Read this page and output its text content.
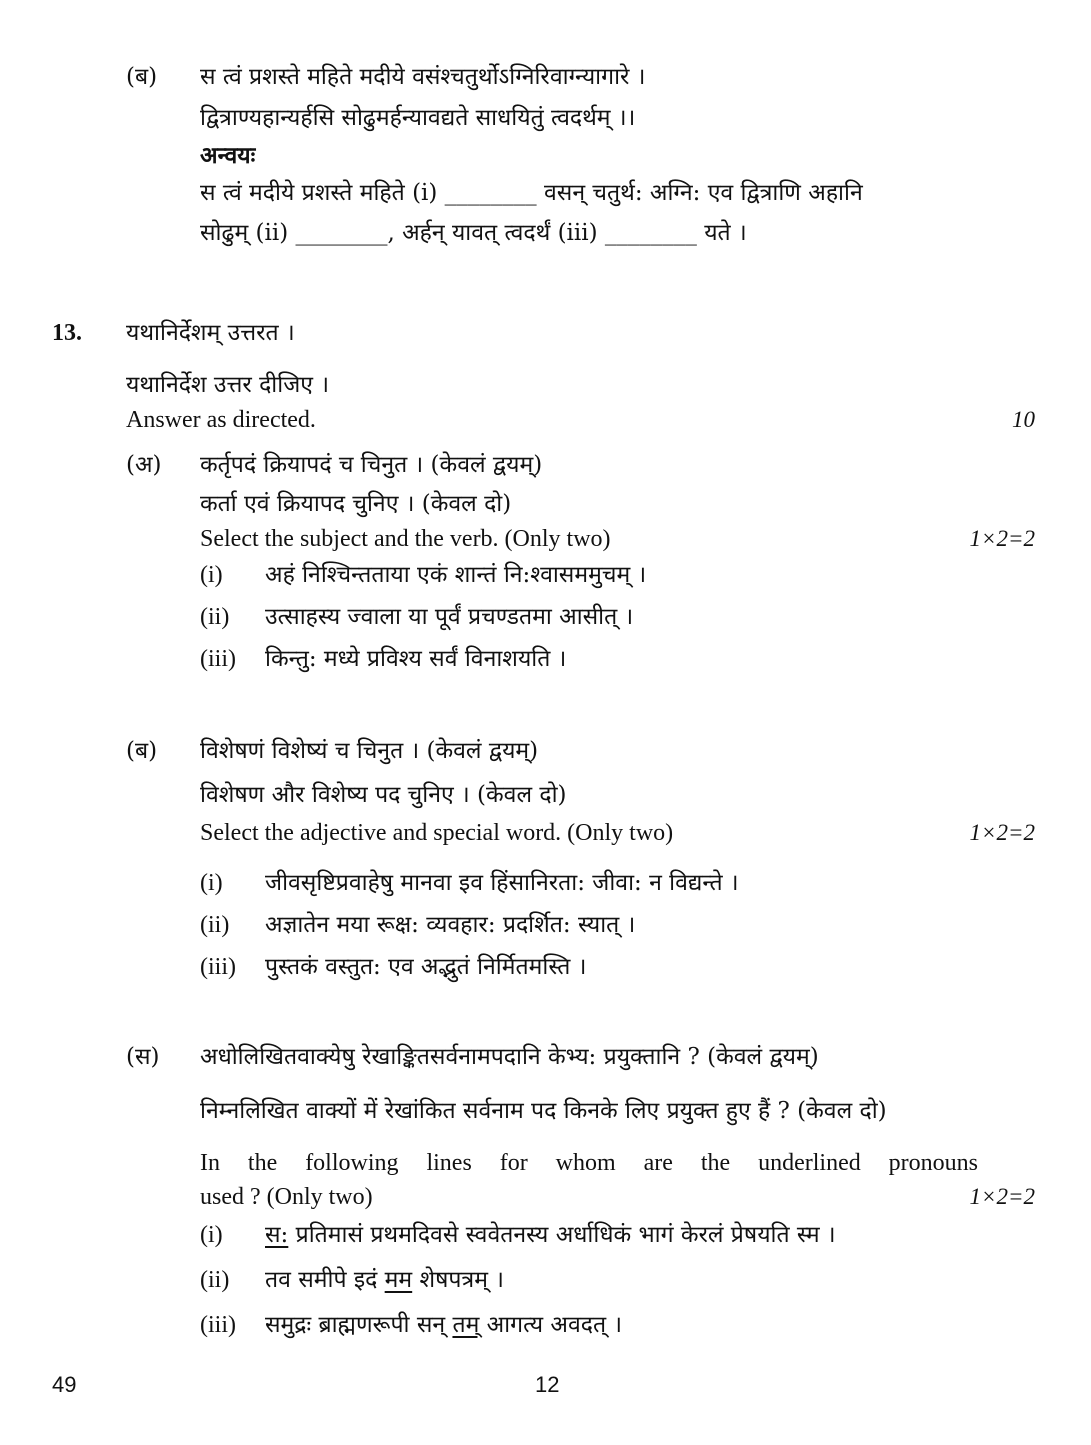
(ब) स त्वं प्रशस्ते महिते मदीये वसंश्चतुर्थोऽग्निरिवाग्न्यागारे ।
द्वित्राण्यहान्यर्हसि सोढुमर्हन्यावद्यते साधयितुं त्वदर्थम् ।।
अन्वयः
स त्वं मदीये प्रशस्ते महिते (i) ________ वसन् चतुर्थ: अग्नि: एव द्वित्राणि अहानि
सोढुम् (ii) ________, अर्हन् यावत् त्वदर्थं (iii) ________ यते ।
13. यथानिर्देशम् उत्तरत ।
यथानिर्देश उत्तर दीजिए ।
Answer as directed.	10
(अ) कर्तृपदं क्रियापदं च चिनुत । (केवलं द्वयम्)
कर्ता एवं क्रियापद चुनिए । (केवल दो)
Select the subject and the verb. (Only two)	1×2=2
(i) अहं निश्चिन्तताया एकं शान्तं नि:श्वासममुचम् ।
(ii) उत्साहस्य ज्वाला या पूर्वं प्रचण्डतमा आसीत् ।
(iii) किन्तु: मध्ये प्रविश्य सर्वं विनाशयति ।
(ब) विशेषणं विशेष्यं च चिनुत । (केवलं द्वयम्)
विशेषण और विशेष्य पद चुनिए । (केवल दो)
Select the adjective and special word. (Only two)	1×2=2
(i) जीवसृष्टिप्रवाहेषु मानवा इव हिंसानिरता: जीवा: न विद्यन्ते ।
(ii) अज्ञातेन मया रूक्ष: व्यवहार: प्रदर्शित: स्यात् ।
(iii) पुस्तकं वस्तुत: एव अद्भुतं निर्मितमस्ति ।
(स) अधोलिखितवाक्येषु रेखाङ्कितसर्वनामपदानि केभ्य: प्रयुक्तानि ? (केवलं द्वयम्)
निम्नलिखित वाक्यों में रेखांकित सर्वनाम पद किनके लिए प्रयुक्त हुए हैं ? (केवल दो)
In the following lines for whom are the underlined pronouns
used ? (Only two)	1×2=2
(i) स: प्रतिमासं प्रथमदिवसे स्ववेतनस्य अर्धाधिकं भागं केरलं प्रेषयति स्म ।
(ii) तव समीपे इदं मम शेषपत्रम् ।
(iii) समुद्रः ब्राह्मणरूपी सन् तम् आगत्य अवदत् ।
49	12
